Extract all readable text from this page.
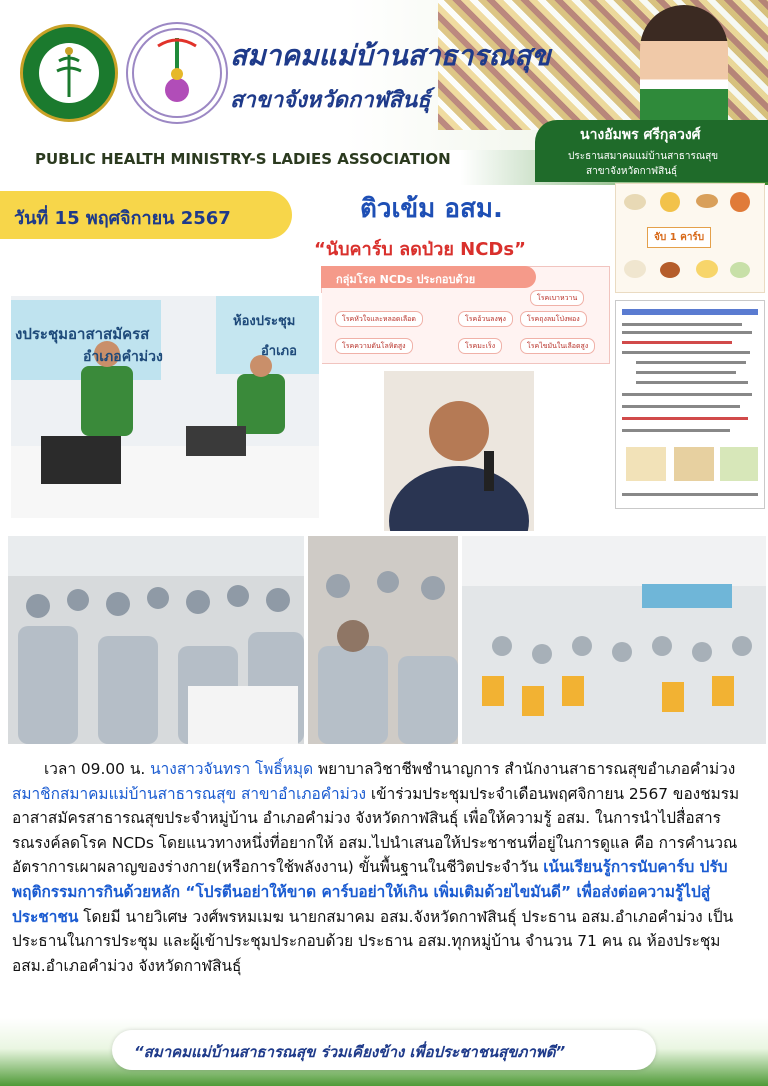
สมาคมแม่บ้านสาธารณสุข
สาขาจังหวัดกาฬสินธุ์
PUBLIC HEALTH MINISTRY-S LADIES ASSOCIATION
นางอัมพร ศรีกุลวงศ์
ประธานสมาคมแม่บ้านสาธารณสุข
สาขาจังหวัดกาฬสินธุ์
วันที่ 15 พฤศจิกายน 2567	ติวเข้ม อสม.
“นับคาร์บ ลดป่วย NCDs”
จับ 1 คาร์บ
กลุ่มโรค NCDs ประกอบด้วย
โรคหัวใจและหลอดเลือด	โรคอ้วนลงพุง	โรคถุงลมโป่งพอง
โรคความดันโลหิตสูง	โรคมะเร็ง	โรคไขมันในเลือดสูง
โรคเบาหวาน
งประชุมอาสาสมัครส
อำเภอคำม่วง
ห้องประชุม
อำเภอ

เวลา 09.00 น. นางสาวจันทรา โพธิ์หมุด พยาบาลวิชาชีพชำนาญการ สำนักงานสาธารณสุขอำเภอคำม่วง สมาชิกสมาคมแม่บ้านสาธารณสุข สาขาอำเภอคำม่วง เข้าร่วมประชุมประจำเดือนพฤศจิกายน 2567 ของชมรมอาสาสมัครสาธารณสุขประจำหมู่บ้าน อำเภอคำม่วง จังหวัดกาฬสินธุ์ เพื่อให้ความรู้ อสม. ในการนำไปสื่อสารรณรงค์ลดโรค NCDs โดยแนวทางหนึ่งที่อยากให้ อสม.ไปนำเสนอให้ประชาชนที่อยู่ในการดูแล คือ การคำนวณอัตราการเผาผลาญของร่างกาย(หรือการใช้พลังงาน) ขั้นพื้นฐานในชีวิตประจำวัน เน้นเรียนรู้การนับคาร์บ ปรับพฤติกรรมการกินด้วยหลัก “โปรตีนอย่าให้ขาด คาร์บอย่าให้เกิน เพิ่มเติมด้วยไขมันดี” เพื่อส่งต่อความรู้ไปสู่ประชาชน โดยมี นายวิเศษ วงศ์พรหมเมฆ นายกสมาคม อสม.จังหวัดกาฬสินธุ์ ประธาน อสม.อำเภอคำม่วง เป็นประธานในการประชุม และผู้เข้าประชุมประกอบด้วย ประธาน อสม.ทุกหมู่บ้าน จำนวน 71 คน ณ ห้องประชุม อสม.อำเภอคำม่วง จังหวัดกาฬสินธุ์

“สมาคมแม่บ้านสาธารณสุข ร่วมเคียงข้าง เพื่อประชาชนสุขภาพดี”
